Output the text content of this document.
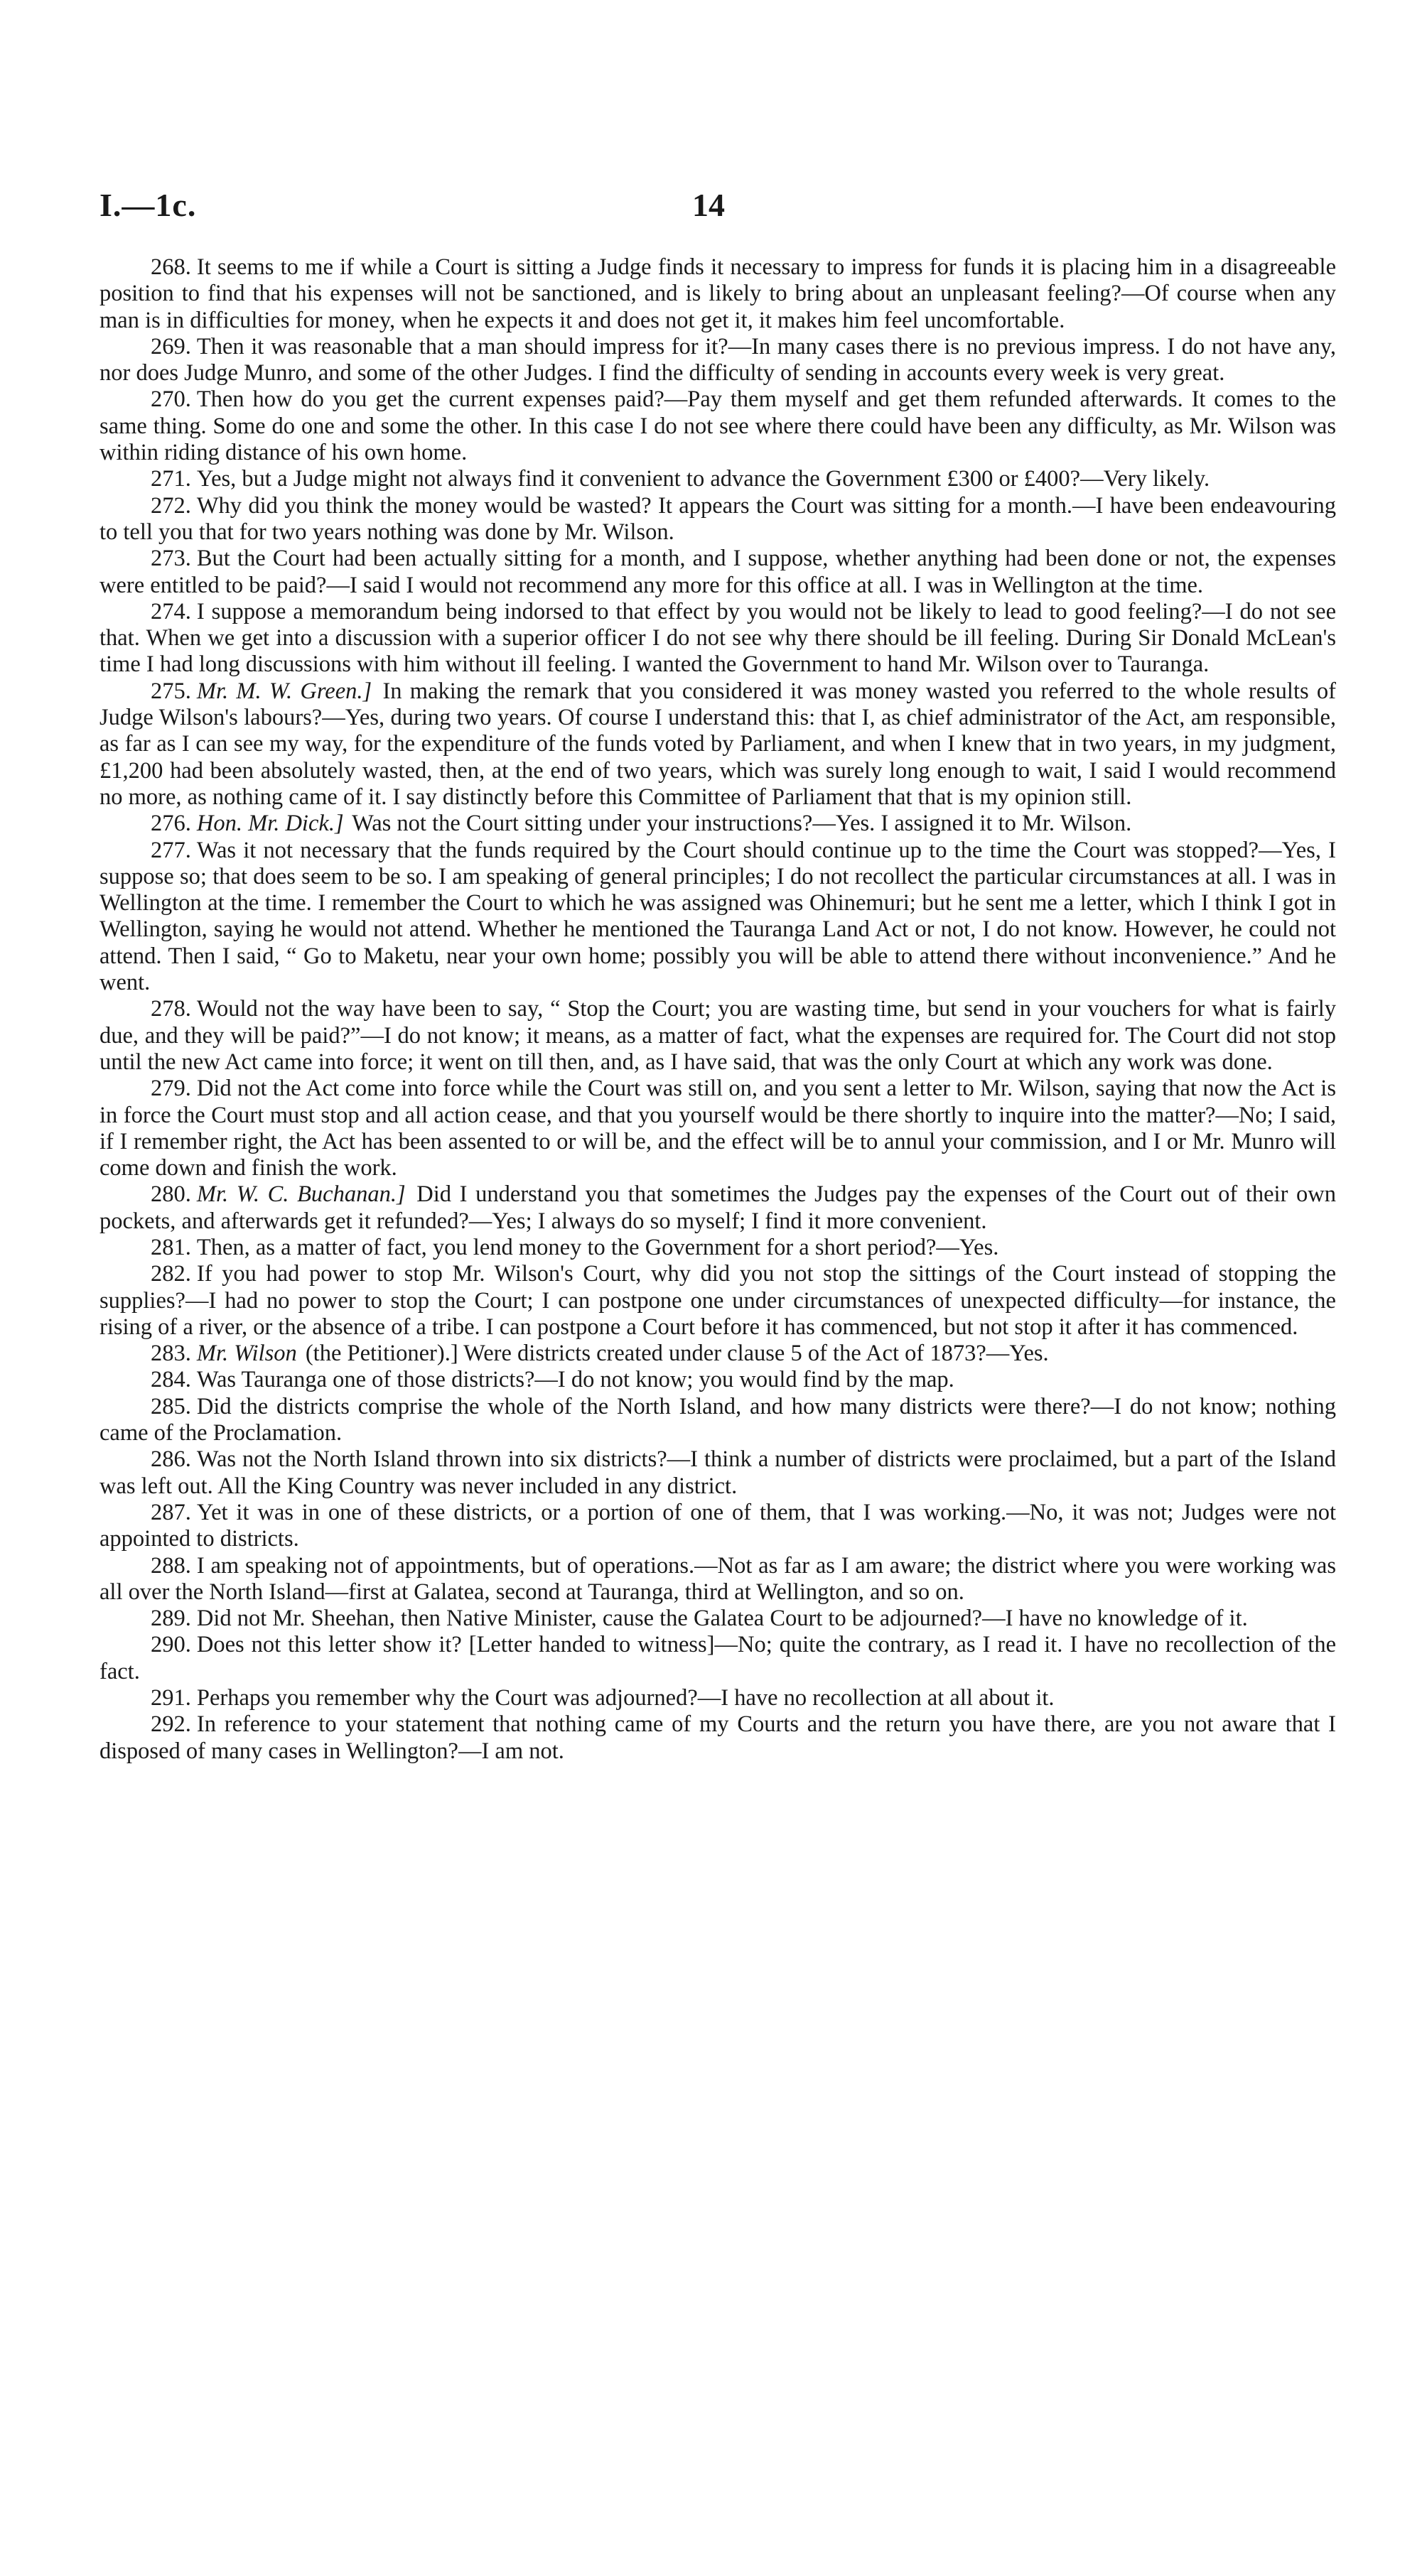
I.—1c.	14

268. It seems to me if while a Court is sitting a Judge finds it necessary to impress for funds it is placing him in a disagreeable position to find that his expenses will not be sanctioned, and is likely to bring about an unpleasant feeling?—Of course when any man is in difficulties for money, when he expects it and does not get it, it makes him feel uncomfortable.

269. Then it was reasonable that a man should impress for it?—In many cases there is no previous impress. I do not have any, nor does Judge Munro, and some of the other Judges. I find the difficulty of sending in accounts every week is very great.

270. Then how do you get the current expenses paid?—Pay them myself and get them refunded afterwards. It comes to the same thing. Some do one and some the other. In this case I do not see where there could have been any difficulty, as Mr. Wilson was within riding distance of his own home.

271. Yes, but a Judge might not always find it convenient to advance the Government £300 or £400?—Very likely.

272. Why did you think the money would be wasted? It appears the Court was sitting for a month.—I have been endeavouring to tell you that for two years nothing was done by Mr. Wilson.

273. But the Court had been actually sitting for a month, and I suppose, whether anything had been done or not, the expenses were entitled to be paid?—I said I would not recommend any more for this office at all. I was in Wellington at the time.

274. I suppose a memorandum being indorsed to that effect by you would not be likely to lead to good feeling?—I do not see that. When we get into a discussion with a superior officer I do not see why there should be ill feeling. During Sir Donald McLean's time I had long discussions with him without ill feeling. I wanted the Government to hand Mr. Wilson over to Tauranga.

275. Mr. M. W. Green.] In making the remark that you considered it was money wasted you referred to the whole results of Judge Wilson's labours?—Yes, during two years. Of course I understand this: that I, as chief administrator of the Act, am responsible, as far as I can see my way, for the expenditure of the funds voted by Parliament, and when I knew that in two years, in my judgment, £1,200 had been absolutely wasted, then, at the end of two years, which was surely long enough to wait, I said I would recommend no more, as nothing came of it. I say distinctly before this Committee of Parliament that that is my opinion still.

276. Hon. Mr. Dick.] Was not the Court sitting under your instructions?—Yes. I assigned it to Mr. Wilson.

277. Was it not necessary that the funds required by the Court should continue up to the time the Court was stopped?—Yes, I suppose so; that does seem to be so. I am speaking of general principles; I do not recollect the particular circumstances at all. I was in Wellington at the time. I remember the Court to which he was assigned was Ohinemuri; but he sent me a letter, which I think I got in Wellington, saying he would not attend. Whether he mentioned the Tauranga Land Act or not, I do not know. However, he could not attend. Then I said, “ Go to Maketu, near your own home; possibly you will be able to attend there without inconvenience.” And he went.

278. Would not the way have been to say, “ Stop the Court; you are wasting time, but send in your vouchers for what is fairly due, and they will be paid?”—I do not know; it means, as a matter of fact, what the expenses are required for. The Court did not stop until the new Act came into force; it went on till then, and, as I have said, that was the only Court at which any work was done.

279. Did not the Act come into force while the Court was still on, and you sent a letter to Mr. Wilson, saying that now the Act is in force the Court must stop and all action cease, and that you yourself would be there shortly to inquire into the matter?—No; I said, if I remember right, the Act has been assented to or will be, and the effect will be to annul your commission, and I or Mr. Munro will come down and finish the work.

280. Mr. W. C. Buchanan.] Did I understand you that sometimes the Judges pay the expenses of the Court out of their own pockets, and afterwards get it refunded?—Yes; I always do so myself; I find it more convenient.

281. Then, as a matter of fact, you lend money to the Government for a short period?—Yes.

282. If you had power to stop Mr. Wilson's Court, why did you not stop the sittings of the Court instead of stopping the supplies?—I had no power to stop the Court; I can postpone one under circumstances of unexpected difficulty—for instance, the rising of a river, or the absence of a tribe. I can postpone a Court before it has commenced, but not stop it after it has commenced.

283. Mr. Wilson (the Petitioner).] Were districts created under clause 5 of the Act of 1873?—Yes.

284. Was Tauranga one of those districts?—I do not know; you would find by the map.

285. Did the districts comprise the whole of the North Island, and how many districts were there?—I do not know; nothing came of the Proclamation.

286. Was not the North Island thrown into six districts?—I think a number of districts were proclaimed, but a part of the Island was left out. All the King Country was never included in any district.

287. Yet it was in one of these districts, or a portion of one of them, that I was working.—No, it was not; Judges were not appointed to districts.

288. I am speaking not of appointments, but of operations.—Not as far as I am aware; the district where you were working was all over the North Island—first at Galatea, second at Tauranga, third at Wellington, and so on.

289. Did not Mr. Sheehan, then Native Minister, cause the Galatea Court to be adjourned?—I have no knowledge of it.

290. Does not this letter show it? [Letter handed to witness]—No; quite the contrary, as I read it. I have no recollection of the fact.

291. Perhaps you remember why the Court was adjourned?—I have no recollection at all about it.

292. In reference to your statement that nothing came of my Courts and the return you have there, are you not aware that I disposed of many cases in Wellington?—I am not.
